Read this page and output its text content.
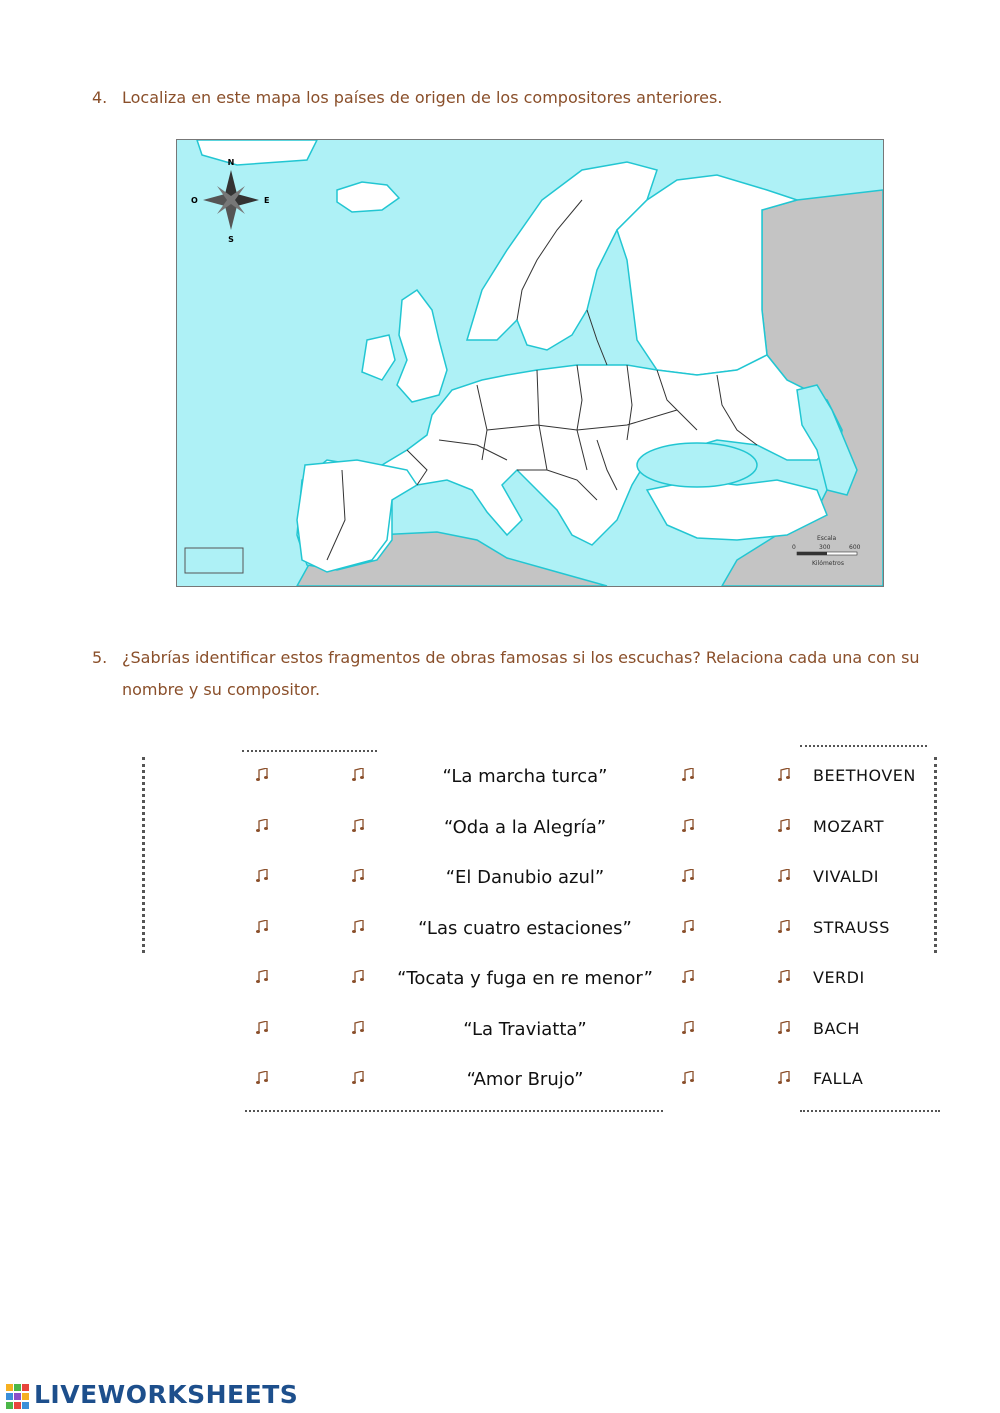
4. Localiza en este mapa los países de origen de los compositores anteriores.
N
S
E
O
Escala
0	300	600
Kilómetros
5. ¿Sabrías identificar estos fragmentos de obras famosas si los escuchas? Relaciona cada una con su nombre y su compositor.
“La marcha turca”	BEETHOVEN
“Oda a la Alegría”	MOZART
“El Danubio azul”	VIVALDI
“Las cuatro estaciones”	STRAUSS
“Tocata y fuga en re menor”	VERDI
“La Traviatta”	BACH
“Amor Brujo”	FALLA
LIVEWORKSHEETS
